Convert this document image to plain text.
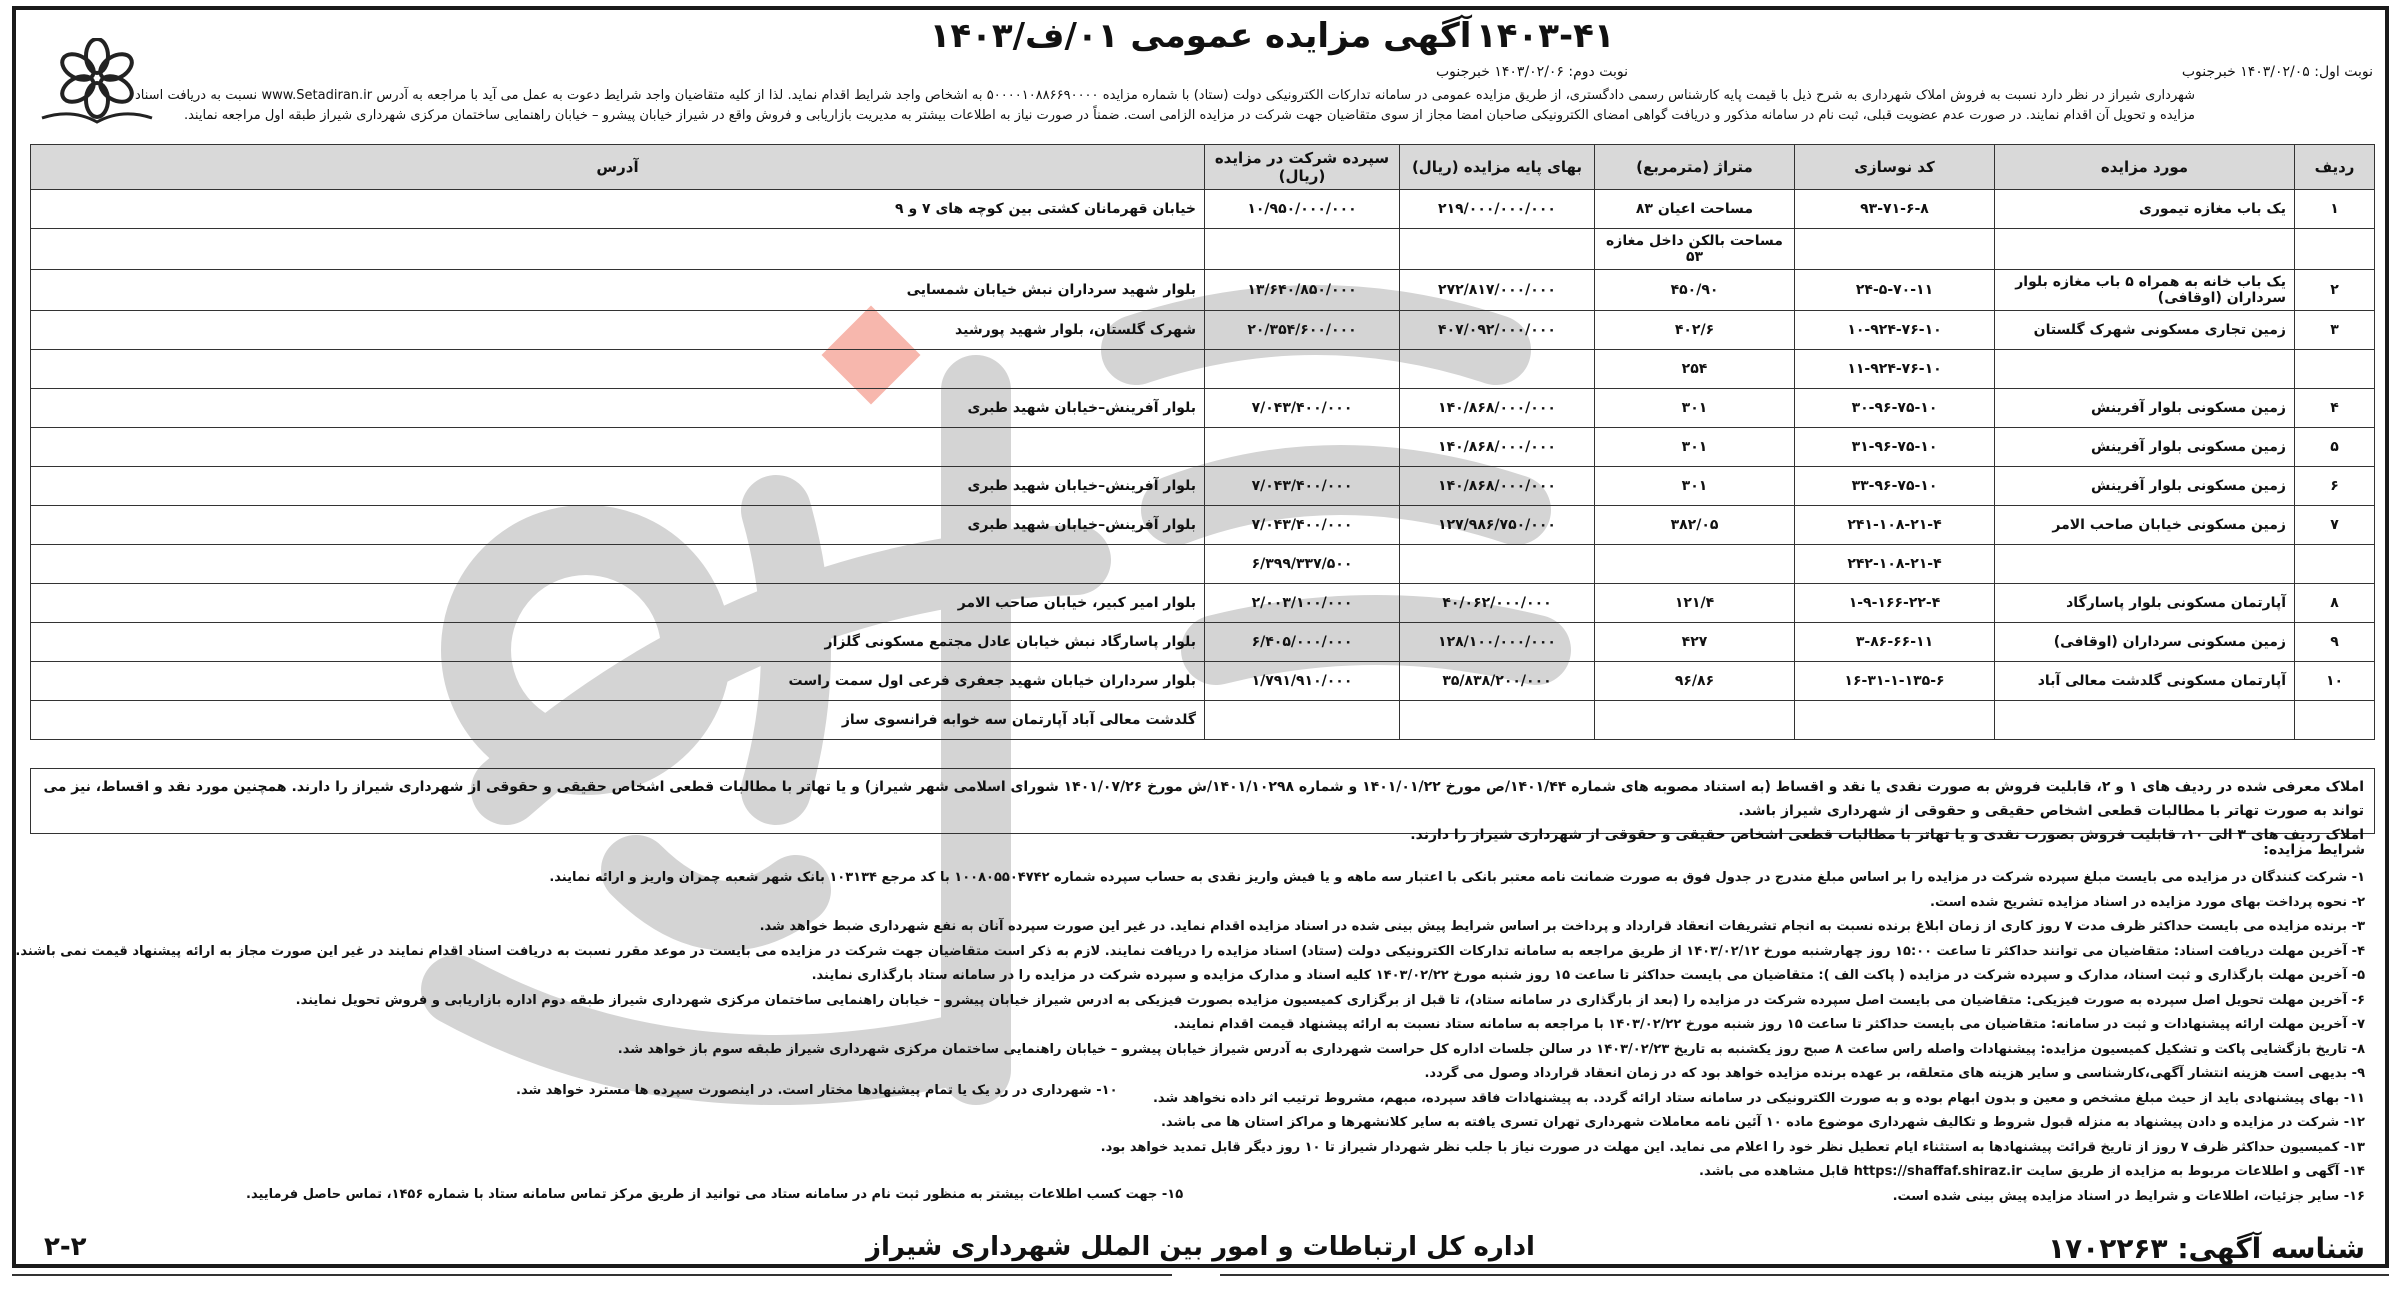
آگهی مزایده عمومی ۰۱/ف/۱۴۰۳ ۱۴۰۳-۴۱
نوبت اول: ۱۴۰۳/۰۲/۰۵ خبرجنوب
نوبت دوم: ۱۴۰۳/۰۲/۰۶ خبرجنوب
شهرداری شیراز در نظر دارد نسبت به فروش املاک شهرداری به شرح ذیل با قیمت پایه کارشناس رسمی دادگستری، از طریق مزایده عمومی در سامانه تدارکات الکترونیکی دولت (ستاد) با شماره مزایده ۵۰۰۰۰۱۰۸۸۶۶۹۰۰۰۰ به اشخاص واجد شرایط اقدام نماید. لذا از کلیه متقاضیان واجد شرایط دعوت به عمل می آید با مراجعه به آدرس www.Setadiran.ir نسبت به دریافت اسناد مزایده و تحویل آن اقدام نمایند. در صورت عدم عضویت قبلی، ثبت نام در سامانه مذکور و دریافت گواهی امضای الکترونیکی صاحبان امضا مجاز از سوی متقاضیان جهت شرکت در مزایده الزامی است. ضمناً در صورت نیاز به اطلاعات بیشتر به مدیریت بازاریابی و فروش واقع در شیراز خیابان پیشرو – خیابان راهنمایی ساختمان مرکزی شهرداری شیراز طبقه اول مراجعه نمایند.
ردیف	مورد مزایده	کد نوسازی	متراژ (مترمربع)	بهای پایه مزایده (ریال)	سپرده شرکت در مزایده (ریال)	آدرس
۱	یک باب مغازه تیموری	۹۳-۷۱-۶-۸	مساحت اعیان ۸۳	۲۱۹/۰۰۰/۰۰۰/۰۰۰	۱۰/۹۵۰/۰۰۰/۰۰۰	خیابان قهرمانان کشتی بین کوچه های ۷ و ۹
			مساحت بالکن داخل مغازه ۵۳			
۲	یک باب خانه به همراه ۵ باب مغازه بلوار سرداران (اوقافی)	۲۴-۵-۷۰-۱۱	۴۵۰/۹۰	۲۷۲/۸۱۷/۰۰۰/۰۰۰	۱۳/۶۴۰/۸۵۰/۰۰۰	بلوار شهید سرداران نبش خیابان شمسایی
۳	زمین تجاری مسکونی شهرک گلستان	۱۰-۹۲۴-۷۶-۱۰	۴۰۲/۶	۴۰۷/۰۹۲/۰۰۰/۰۰۰	۲۰/۳۵۴/۶۰۰/۰۰۰	شهرک گلستان، بلوار شهید پورشید
		۱۱-۹۲۴-۷۶-۱۰	۲۵۴			
۴	زمین مسکونی بلوار آفرینش	۳۰-۹۶-۷۵-۱۰	۳۰۱	۱۴۰/۸۶۸/۰۰۰/۰۰۰	۷/۰۴۳/۴۰۰/۰۰۰	بلوار آفرینش–خیابان شهید طبری
۵	زمین مسکونی بلوار آفرینش	۳۱-۹۶-۷۵-۱۰	۳۰۱	۱۴۰/۸۶۸/۰۰۰/۰۰۰		
۶	زمین مسکونی بلوار آفرینش	۳۳-۹۶-۷۵-۱۰	۳۰۱	۱۴۰/۸۶۸/۰۰۰/۰۰۰	۷/۰۴۳/۴۰۰/۰۰۰	بلوار آفرینش–خیابان شهید طبری
۷	زمین مسکونی خیابان صاحب الامر	۲۴۱-۱۰۸-۲۱-۴	۳۸۲/۰۵	۱۲۷/۹۸۶/۷۵۰/۰۰۰	۷/۰۴۳/۴۰۰/۰۰۰	بلوار آفرینش–خیابان شهید طبری
		۲۴۲-۱۰۸-۲۱-۴			۶/۳۹۹/۳۳۷/۵۰۰	
۸	آپارتمان مسکونی بلوار پاسارگاد	۱-۹-۱۶۶-۲۲-۴	۱۲۱/۴	۴۰/۰۶۲/۰۰۰/۰۰۰	۲/۰۰۳/۱۰۰/۰۰۰	بلوار امیر کبیر، خیابان صاحب الامر
۹	زمین مسکونی سرداران (اوقافی)	۳-۸۶-۶۶-۱۱	۴۲۷	۱۲۸/۱۰۰/۰۰۰/۰۰۰	۶/۴۰۵/۰۰۰/۰۰۰	بلوار پاسارگاد نبش خیابان عادل مجتمع مسکونی گلزار
۱۰	آپارتمان مسکونی گلدشت معالی آباد	۱۶-۳۱-۱-۱۳۵-۶	۹۶/۸۶	۳۵/۸۳۸/۲۰۰/۰۰۰	۱/۷۹۱/۹۱۰/۰۰۰	بلوار سرداران خیابان شهید جعفری فرعی اول سمت راست
						گلدشت معالی آباد آپارتمان سه خوابه فرانسوی ساز
املاک معرفی شده در ردیف های ۱ و ۲، قابلیت فروش به صورت نقدی یا نقد و اقساط (به استناد مصوبه های شماره ۱۴۰۱/۴۴/ص مورخ ۱۴۰۱/۰۱/۲۲ و شماره ۱۴۰۱/۱۰۲۹۸/ش مورخ ۱۴۰۱/۰۷/۲۶ شورای اسلامی شهر شیراز) و یا تهاتر با مطالبات قطعی اشخاص حقیقی و حقوقی از شهرداری شیراز را دارند. همچنین مورد نقد و اقساط، نیز می تواند به صورت تهاتر با مطالبات قطعی اشخاص حقیقی و حقوقی از شهرداری شیراز باشد.
املاک ردیف های ۳ الی ۱۰، قابلیت فروش بصورت نقدی و یا تهاتر با مطالبات قطعی اشخاص حقیقی و حقوقی از شهرداری شیراز را دارند.
شرایط مزایده:
۱- شرکت کنندگان در مزایده می بایست مبلغ سپرده شرکت در مزایده را بر اساس مبلغ مندرج در جدول فوق به صورت ضمانت نامه معتبر بانکی با اعتبار سه ماهه و یا فیش واریز نقدی به حساب سپرده شماره ۱۰۰۸۰۵۵۰۴۷۴۲ با کد مرجع ۱۰۳۱۳۴ بانک شهر شعبه چمران واریز و ارائه نمایند.
۲- نحوه پرداخت بهای مورد مزایده در اسناد مزایده تشریح شده است.
۳- برنده مزایده می بایست حداکثر ظرف مدت ۷ روز کاری از زمان ابلاغ برنده نسبت به انجام تشریفات انعقاد قرارداد و پرداخت بر اساس شرایط پیش بینی شده در اسناد مزایده اقدام نماید. در غیر این صورت سپرده آنان به نفع شهرداری ضبط خواهد شد.
۴- آخرین مهلت دریافت اسناد: متقاضیان می توانند حداکثر تا ساعت ۱۵:۰۰ روز چهارشنبه مورخ ۱۴۰۳/۰۲/۱۲ از طریق مراجعه به سامانه تدارکات الکترونیکی دولت (ستاد) اسناد مزایده را دریافت نمایند. لازم به ذکر است متقاضیان جهت شرکت در مزایده می بایست در موعد مقرر نسبت به دریافت اسناد اقدام نمایند در غیر این صورت مجاز به ارائه پیشنهاد قیمت نمی باشند.
۵- آخرین مهلت بارگذاری و ثبت اسناد، مدارک و سپرده شرکت در مزایده ( پاکت الف ): متقاضیان می بایست حداکثر تا ساعت ۱۵ روز شنبه مورخ ۱۴۰۳/۰۲/۲۲ کلیه اسناد و مدارک مزایده و سپرده شرکت در مزایده را در سامانه ستاد بارگذاری نمایند.
۶- آخرین مهلت تحویل اصل سپرده به صورت فیزیکی: متقاضیان می بایست اصل سپرده شرکت در مزایده را (بعد از بارگذاری در سامانه ستاد)، تا قبل از برگزاری کمیسیون مزایده بصورت فیزیکی به ادرس شیراز خیابان پیشرو – خیابان راهنمایی ساختمان مرکزی شهرداری شیراز طبقه دوم اداره بازاریابی و فروش تحویل نمایند.
۷- آخرین مهلت ارائه پیشنهادات و ثبت در سامانه: متقاضیان می بایست حداکثر تا ساعت ۱۵ روز شنبه مورخ ۱۴۰۳/۰۲/۲۲ با مراجعه به سامانه ستاد نسبت به ارائه پیشنهاد قیمت اقدام نمایند.
۸- تاریخ بازگشایی پاکت و تشکیل کمیسیون مزایده: پیشنهادات واصله راس ساعت ۸ صبح روز یکشنبه به تاریخ ۱۴۰۳/۰۲/۲۳ در سالن جلسات اداره کل حراست شهرداری به آدرس شیراز خیابان پیشرو – خیابان راهنمایی ساختمان مرکزی شهرداری شیراز طبقه سوم باز خواهد شد.
۹- بدیهی است هزینه انتشار آگهی،کارشناسی و سایر هزینه های متعلقه، بر عهده برنده مزایده خواهد بود که در زمان انعقاد قرارداد وصول می گردد.
۱۱- بهای پیشنهادی باید از حیث مبلغ مشخص و معین و بدون ابهام بوده و به صورت الکترونیکی در سامانه ستاد ارائه گردد. به پیشنهادات فاقد سپرده، مبهم، مشروط ترتیب اثر داده نخواهد شد.
۱۲- شرکت در مزایده و دادن پیشنهاد به منزله قبول شروط و تکالیف شهرداری موضوع ماده ۱۰ آئین نامه معاملات شهرداری تهران تسری یافته به سایر کلانشهرها و مراکز استان ها می باشد.
۱۳- کمیسیون حداکثر ظرف ۷ روز از تاریخ قرائت پیشنهادها به استثناء ایام تعطیل نظر خود را اعلام می نماید. این مهلت در صورت نیاز با جلب نظر شهردار شیراز تا ۱۰ روز دیگر قابل تمدید خواهد بود.
۱۴- آگهی و اطلاعات مربوط به مزایده از طریق سایت https://shaffaf.shiraz.ir قابل مشاهده می باشد.
۱۶- سایر جزئیات، اطلاعات و شرایط در اسناد مزایده پیش بینی شده است.
۱۰- شهرداری در رد یک یا تمام پیشنهادها مختار است. در اینصورت سپرده ها مسترد خواهد شد.
۱۵- جهت کسب اطلاعات بیشتر به منظور ثبت نام در سامانه ستاد می توانید از طریق مرکز تماس سامانه ستاد با شماره ۱۴۵۶، تماس حاصل فرمایید.
شناسه آگهی: ۱۷۰۲۲۶۳
اداره کل ارتباطات و امور بین الملل شهرداری شیراز
۲-۲
